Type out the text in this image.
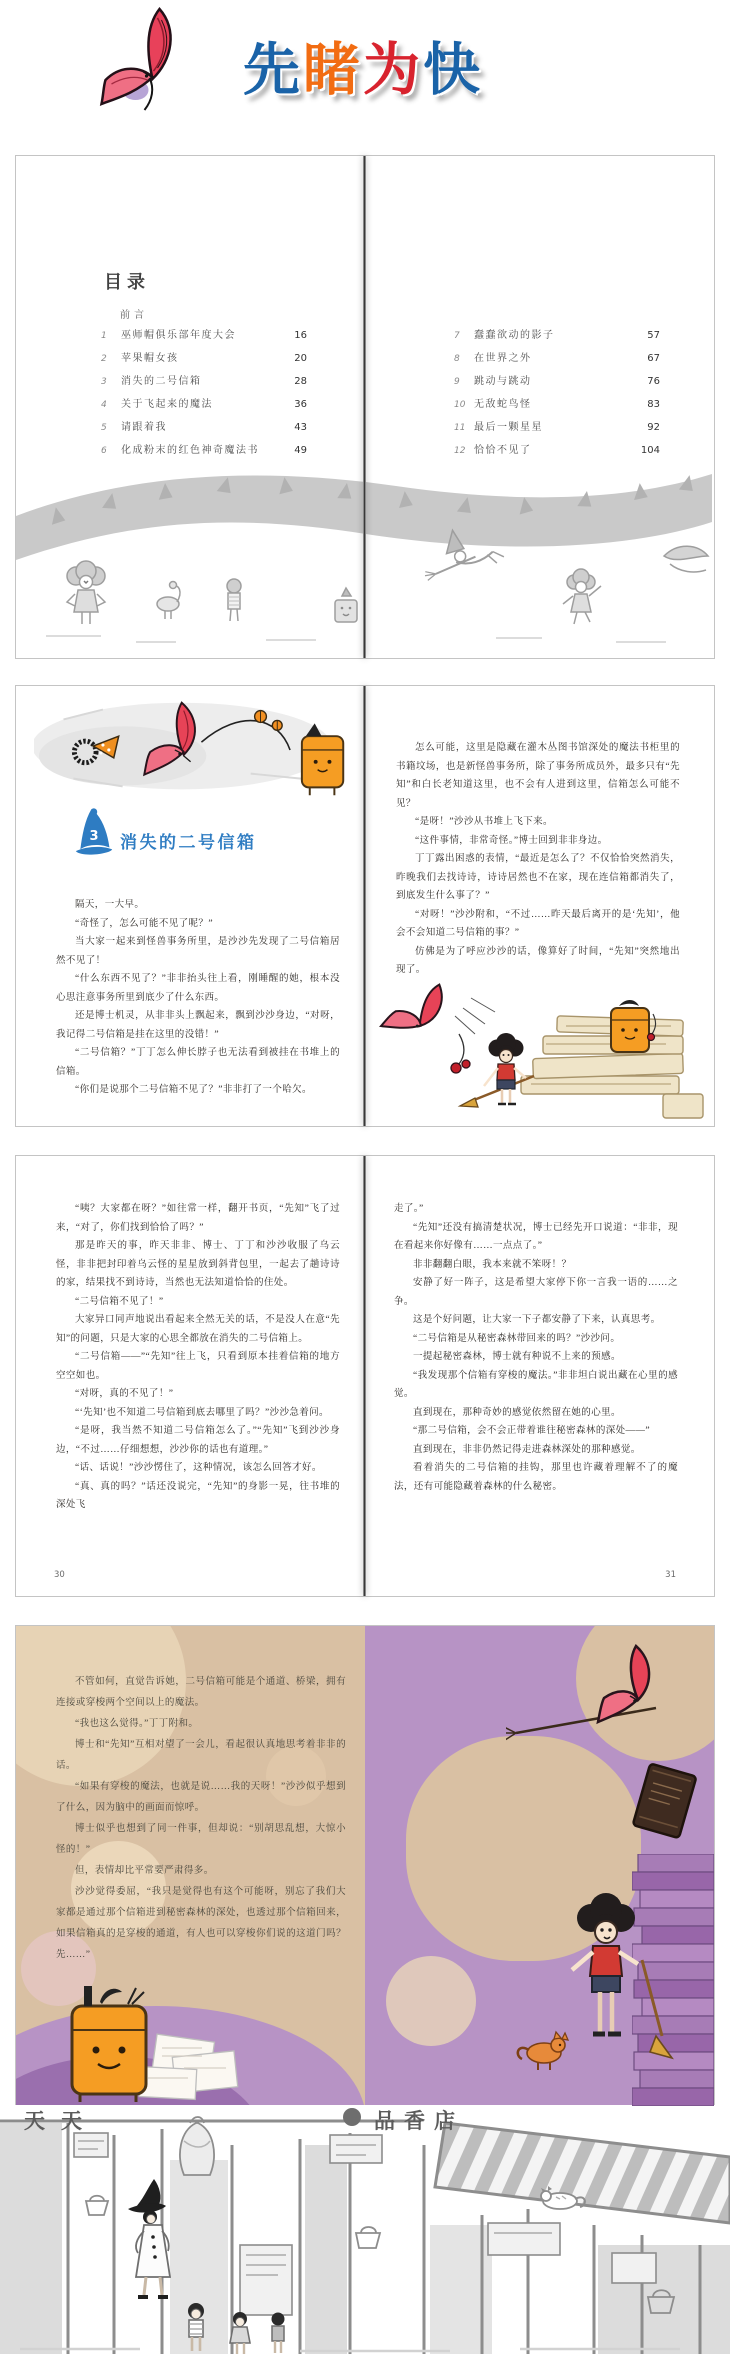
先睹为快
目录
前言
1	巫师帽俱乐部年度大会	16
2	苹果帽女孩	20
3	消失的二号信箱	28
4	关于飞起来的魔法	36
5	请跟着我	43
6	化成粉末的红色神奇魔法书	49
7	蠢蠢欲动的影子	57
8	在世界之外	67
9	跳动与跳动	76
10 无敌蛇鸟怪	83
11 最后一颗星星	92
12 恰恰不见了	104
✦
3	消失的二号信箱

隔天，一大早。

“奇怪了，怎么可能不见了呢？”

当大家一起来到怪兽事务所里，是沙沙先发现了二号信箱居然不见了！

“什么东西不见了？”非非抬头往上看，刚睡醒的她，根本没心思注意事务所里到底少了什么东西。

还是博士机灵，从非非头上飘起来，飘到沙沙身边，“对呀，我记得二号信箱是挂在这里的没错！”

“二号信箱？”丁丁怎么伸长脖子也无法看到被挂在书堆上的信箱。

“你们是说那个二号信箱不见了？”非非打了一个哈欠。

怎么可能，这里是隐藏在灌木丛图书馆深处的魔法书柜里的书籍坟场，也是新怪兽事务所，除了事务所成员外，最多只有“先知”和白长老知道这里，也不会有人进到这里，信箱怎么可能不见？

“是呀！”沙沙从书堆上飞下来。

“这件事情，非常奇怪。”博士回到非非身边。

丁丁露出困惑的表情，“最近是怎么了？不仅恰恰突然消失，昨晚我们去找诗诗，诗诗居然也不在家，现在连信箱都消失了，到底发生什么事了？”

“对呀！”沙沙附和，“不过……昨天最后离开的是‘先知’，他会不会知道二号信箱的事？”

仿佛是为了呼应沙沙的话，像算好了时间，“先知”突然地出现了。

“咦？大家都在呀？”如往常一样，翻开书页，“先知”飞了过来，“对了，你们找到恰恰了吗？”

那是昨天的事，昨天非非、博士、丁丁和沙沙收服了乌云怪，非非把封印着乌云怪的星星放到斜背包里，一起去了趟诗诗的家，结果找不到诗诗，当然也无法知道恰恰的住处。

“二号信箱不见了！”

大家异口同声地说出看起来全然无关的话，不是没人在意“先知”的问题，只是大家的心思全都放在消失的二号信箱上。

“二号信箱——”“先知”往上飞，只看到原本挂着信箱的地方空空如也。

“对呀，真的不见了！”

“‘先知’也不知道二号信箱到底去哪里了吗？”沙沙急着问。

“是呀，我当然不知道二号信箱怎么了。”“先知”飞到沙沙身边，“不过……仔细想想，沙沙你的话也有道理。”

“话、话说！”沙沙愣住了，这种情况，该怎么回答才好。

“真、真的吗？”话还没说完，“先知”的身影一晃，往书堆的深处飞

走了。”

“先知”还没有搞清楚状况，博士已经先开口说道：“非非，现在看起来你好像有……一点点了。”

非非翻翻白眼，我本来就不笨呀！？

安静了好一阵子，这是希望大家停下你一言我一语的……之争。

这是个好问题，让大家一下子都安静了下来，认真思考。

“二号信箱是从秘密森林带回来的吗？”沙沙问。

一提起秘密森林，博士就有种说不上来的预感。

“我发现那个信箱有穿梭的魔法。”非非坦白说出藏在心里的感觉。

直到现在，那种奇妙的感觉依然留在她的心里。

“那二号信箱，会不会正带着谁往秘密森林的深处——”

直到现在，非非仍然记得走进森林深处的那种感觉。

看着消失的二号信箱的挂钩，那里也许藏着理解不了的魔法，还有可能隐藏着森林的什么秘密。

30	31

不管如何，直觉告诉她，二号信箱可能是个通道、桥梁，拥有连接或穿梭两个空间以上的魔法。

“我也这么觉得。”丁丁附和。

博士和“先知”互相对望了一会儿，看起很认真地思考着非非的话。

“如果有穿梭的魔法，也就是说……我的天呀！”沙沙似乎想到了什么，因为脑中的画面而惊呼。

博士似乎也想到了同一件事，但却说：“别胡思乱想，大惊小怪的！”

但，表情却比平常要严肃得多。

沙沙觉得委屈，“我只是觉得也有这个可能呀，别忘了我们大家都是通过那个信箱进到秘密森林的深处，也透过那个信箱回来，如果信箱真的是穿梭的通道，有人也可以穿梭你们说的这道门吗？先……”

天天	品香店
